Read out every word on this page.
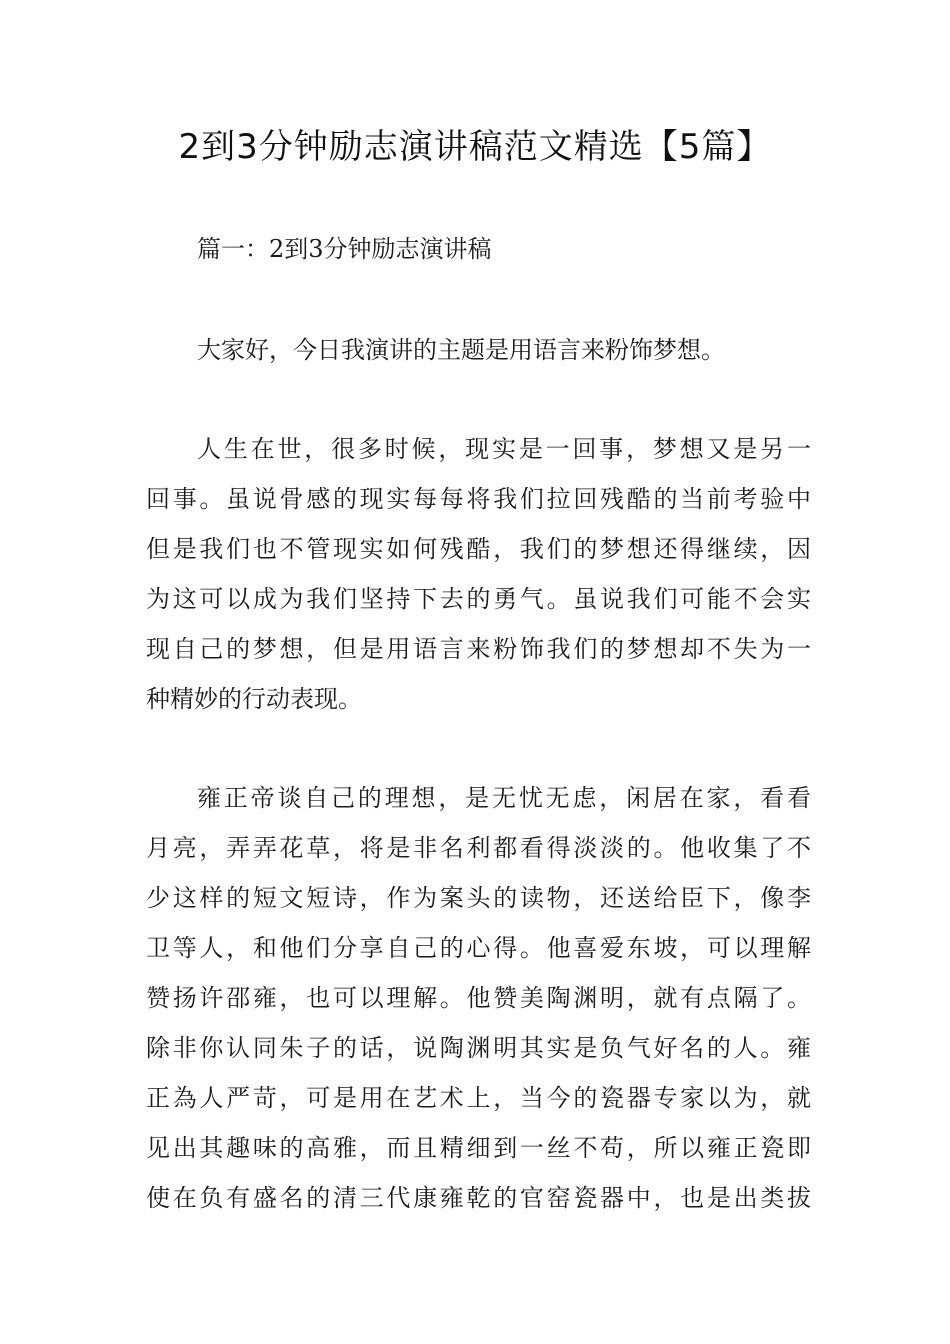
2到3分钟励志演讲稿范文精选【5篇】
篇一：2到3分钟励志演讲稿
大家好，今日我演讲的主题是用语言来粉饰梦想。
人生在世，很多时候，现实是一回事，梦想又是另一
回事。虽说骨感的现实每每将我们拉回残酷的当前考验中
但是我们也不管现实如何残酷，我们的梦想还得继续，因
为这可以成为我们坚持下去的勇气。虽说我们可能不会实
现自己的梦想，但是用语言来粉饰我们的梦想却不失为一
种精妙的行动表现。
雍正帝谈自己的理想，是无忧无虑，闲居在家，看看
月亮，弄弄花草，将是非名利都看得淡淡的。他收集了不
少这样的短文短诗，作为案头的读物，还送给臣下，像李
卫等人，和他们分享自己的心得。他喜爱东坡，可以理解
赞扬许邵雍，也可以理解。他赞美陶渊明，就有点隔了。
除非你认同朱子的话，说陶渊明其实是负气好名的人。雍
正為人严苛，可是用在艺术上，当今的瓷器专家以为，就
见出其趣味的高雅，而且精细到一丝不苟，所以雍正瓷即
使在负有盛名的清三代康雍乾的官窑瓷器中，也是出类拔
